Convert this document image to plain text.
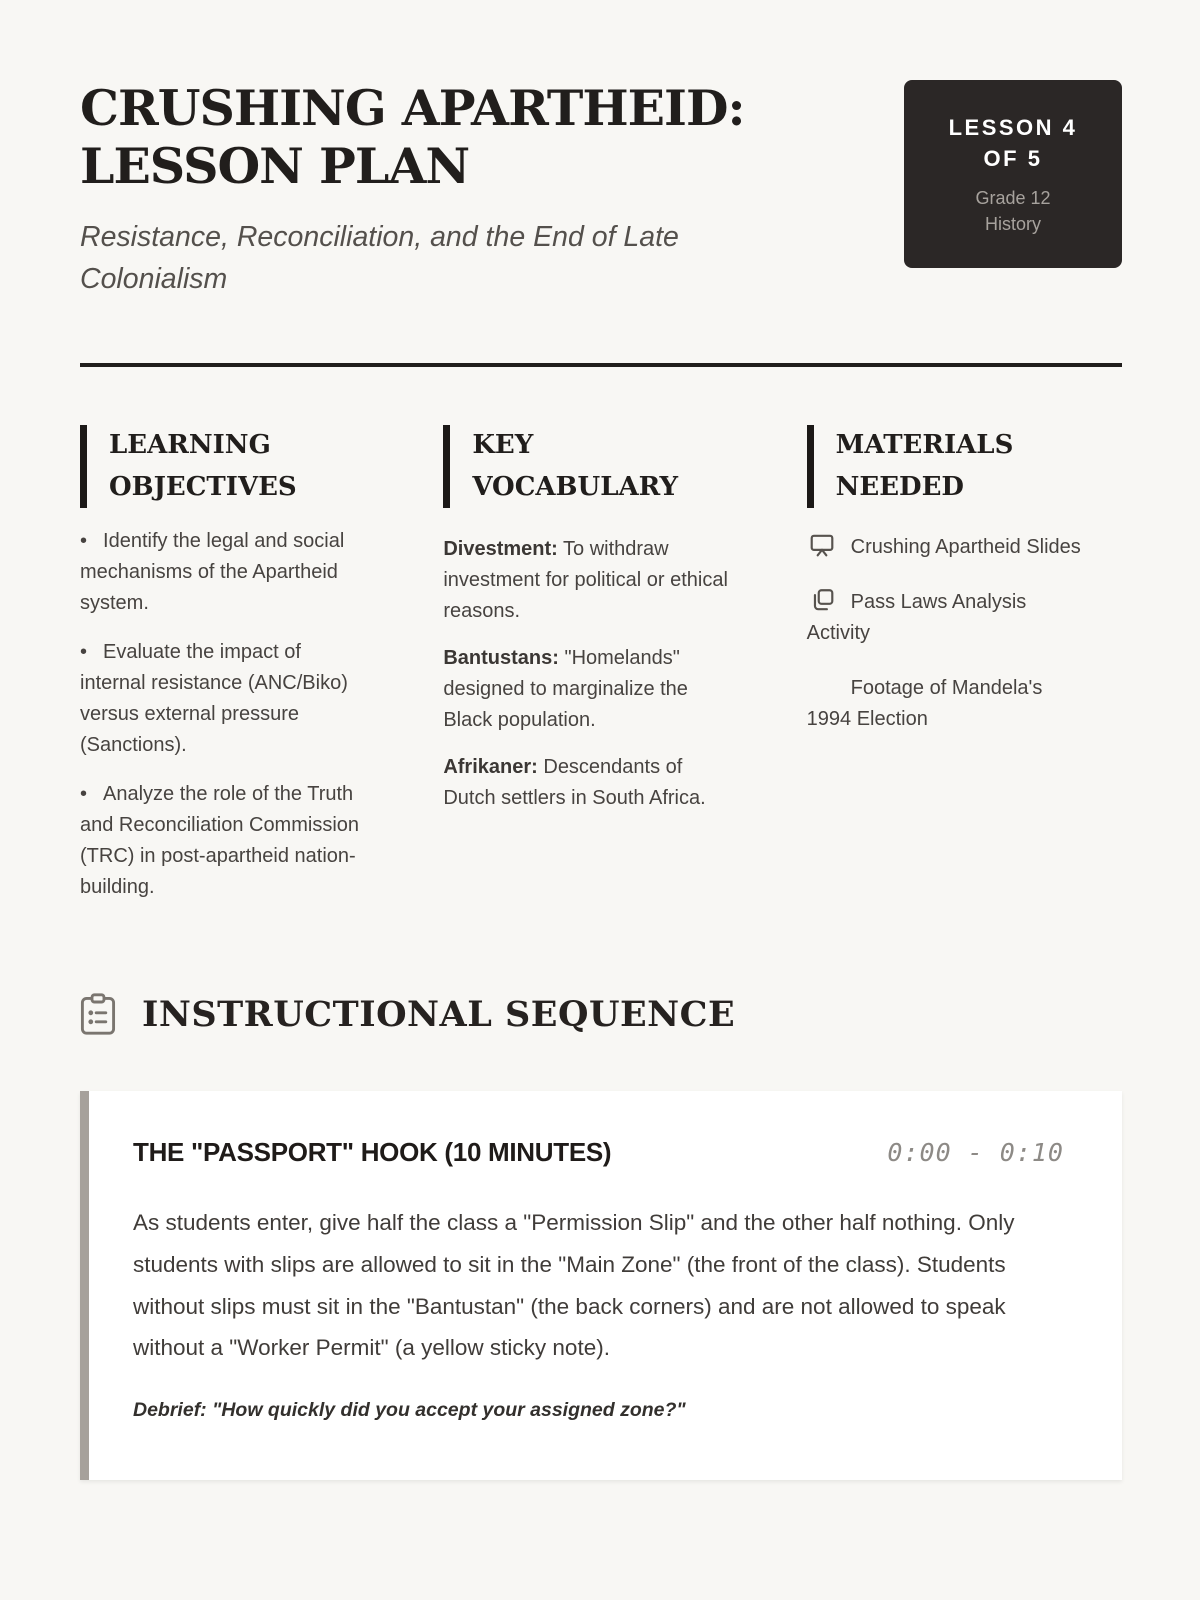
CRUSHING APARTHEID:
LESSON PLAN
Resistance, Reconciliation, and the End of Late Colonialism
LESSON 4
OF 5
Grade 12
History
LEARNING OBJECTIVES
• Identify the legal and social mechanisms of the Apartheid system.
• Evaluate the impact of internal resistance (ANC/Biko) versus external pressure (Sanctions).
• Analyze the role of the Truth and Reconciliation Commission (TRC) in post-apartheid nation-building.
KEY VOCABULARY

Divestment: To withdraw investment for political or ethical reasons.

Bantustans: "Homelands" designed to marginalize the Black population.

Afrikaner: Descendants of Dutch settlers in South Africa.

MATERIALS NEEDED
Crushing Apartheid Slides
Pass Laws Analysis Activity
Footage of Mandela's 1994 Election
INSTRUCTIONAL SEQUENCE
THE "PASSPORT" HOOK (10 MINUTES)	0:00 - 0:10

As students enter, give half the class a "Permission Slip" and the other half nothing. Only students with slips are allowed to sit in the "Main Zone" (the front of the class). Students without slips must sit in the "Bantustan" (the back corners) and are not allowed to speak without a "Worker Permit" (a yellow sticky note).

Debrief: "How quickly did you accept your assigned zone?"
